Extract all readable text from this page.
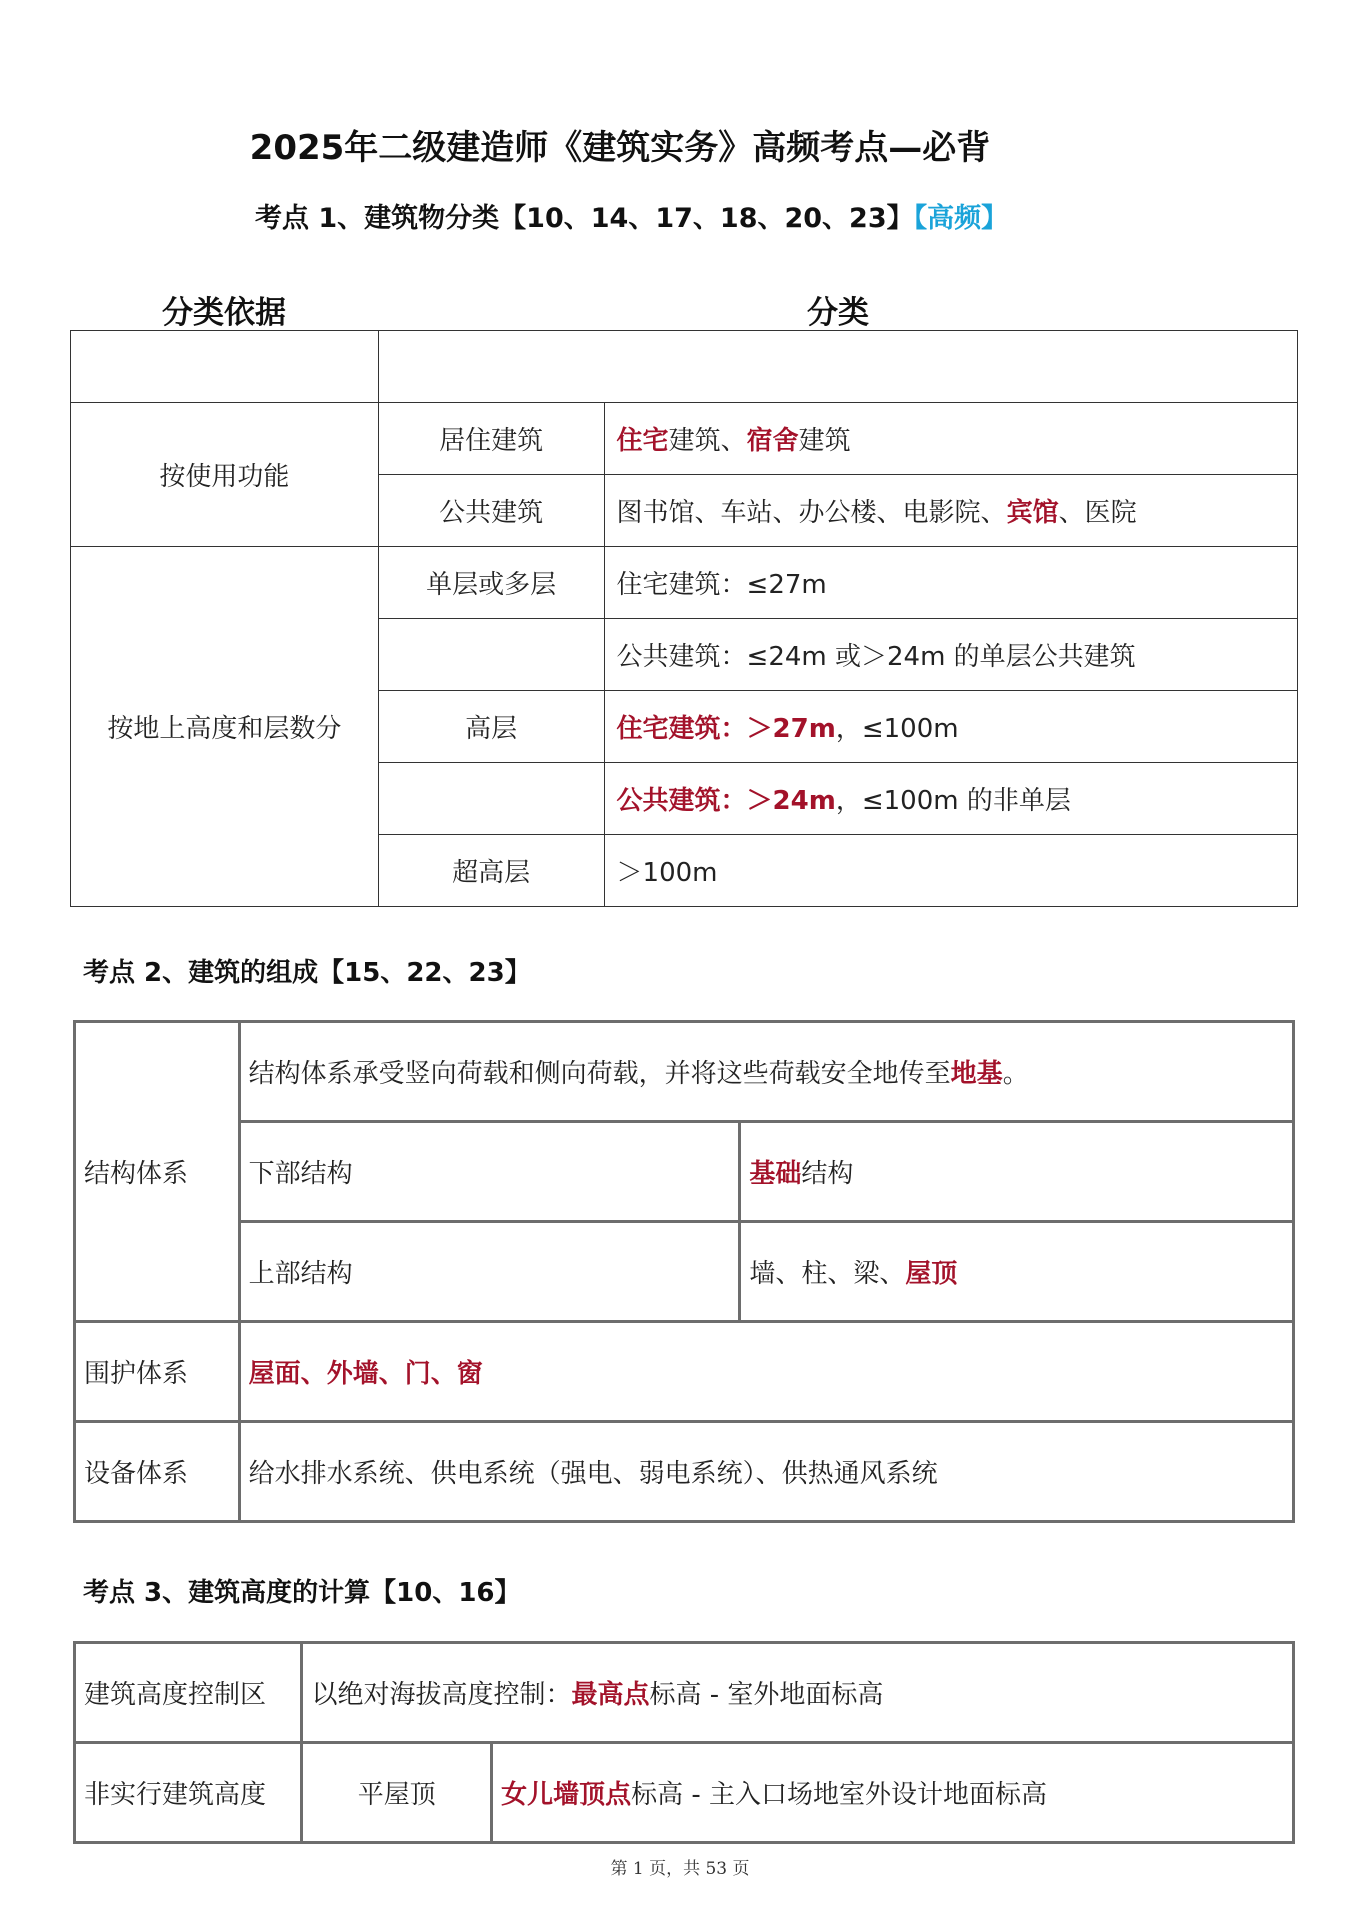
2025年二级建造师《建筑实务》高频考点—必背
考点 1、建筑物分类【10、14、17、18、20、23】【高频】
分类依据	分类

按使用功能	居住建筑	住宅建筑、宿舍建筑
	公共建筑	图书馆、车站、办公楼、电影院、宾馆、医院
按地上高度和层数分	单层或多层	住宅建筑：≤27m
		公共建筑：≤24m 或＞24m 的单层公共建筑
	高层	住宅建筑：＞27m，≤100m
		公共建筑：＞24m，≤100m 的非单层
	超高层	＞100m
考点 2、建筑的组成【15、22、23】
结构体系	结构体系承受竖向荷载和侧向荷载，并将这些荷载安全地传至地基。	
	下部结构	基础结构
	上部结构	墙、柱、梁、屋顶
围护体系	屋面、外墙、门、窗	
设备体系	给水排水系统、供电系统（强电、弱电系统）、供热通风系统	
考点 3、建筑高度的计算【10、16】
建筑高度控制区	以绝对海拔高度控制：最高点标高 - 室外地面标高	
非实行建筑高度	平屋顶	女儿墙顶点标高 - 主入口场地室外设计地面标高
第 1 页，共 53 页
